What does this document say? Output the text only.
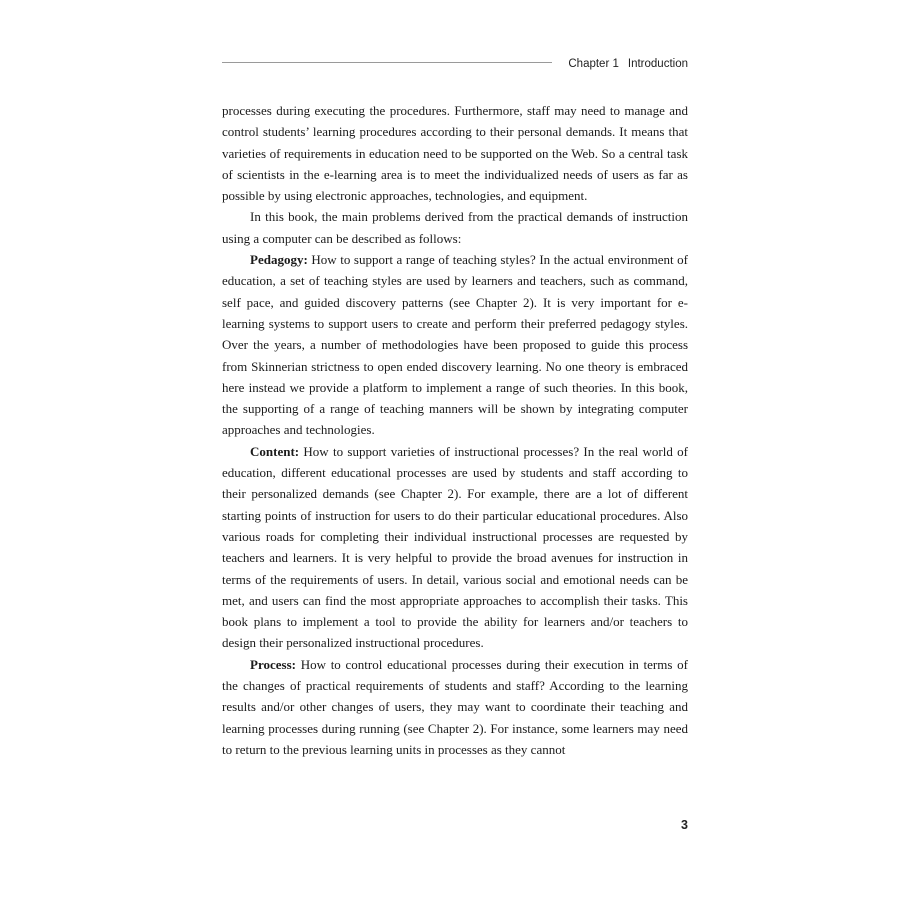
Chapter 1 Introduction

processes during executing the procedures. Furthermore, staff may need to manage and control students’ learning procedures according to their personal demands. It means that varieties of requirements in education need to be supported on the Web. So a central task of scientists in the e-learning area is to meet the individualized needs of users as far as possible by using electronic approaches, technologies, and equipment.

In this book, the main problems derived from the practical demands of instruction using a computer can be described as follows:

Pedagogy: How to support a range of teaching styles? In the actual environment of education, a set of teaching styles are used by learners and teachers, such as command, self pace, and guided discovery patterns (see Chapter 2). It is very important for e-learning systems to support users to create and perform their preferred pedagogy styles. Over the years, a number of methodologies have been proposed to guide this process from Skinnerian strictness to open ended discovery learning. No one theory is embraced here instead we provide a platform to implement a range of such theories. In this book, the supporting of a range of teaching manners will be shown by integrating computer approaches and technologies.

Content: How to support varieties of instructional processes? In the real world of education, different educational processes are used by students and staff according to their personalized demands (see Chapter 2). For example, there are a lot of different starting points of instruction for users to do their particular educational procedures. Also various roads for completing their individual instructional processes are requested by teachers and learners. It is very helpful to provide the broad avenues for instruction in terms of the requirements of users. In detail, various social and emotional needs can be met, and users can find the most appropriate approaches to accomplish their tasks. This book plans to implement a tool to provide the ability for learners and/or teachers to design their personalized instructional procedures.

Process: How to control educational processes during their execution in terms of the changes of practical requirements of students and staff? According to the learning results and/or other changes of users, they may want to coordinate their teaching and learning processes during running (see Chapter 2). For instance, some learners may need to return to the previous learning units in processes as they cannot

3
